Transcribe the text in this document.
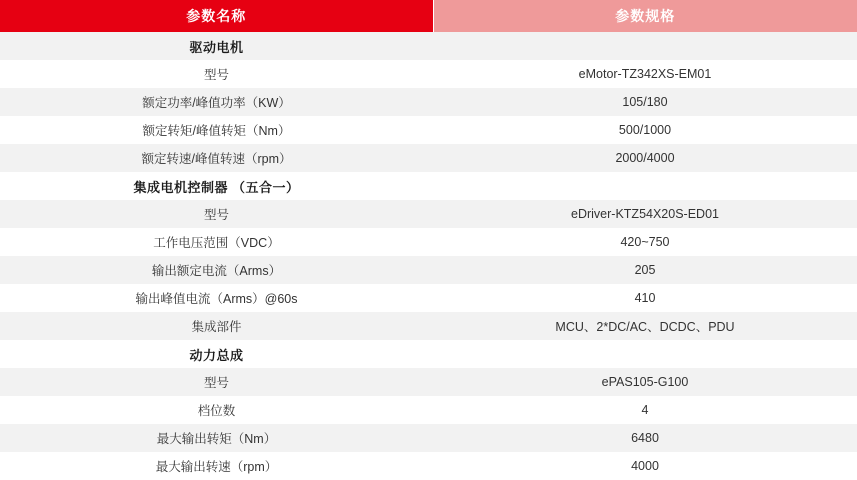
参数名称	参数规格
驱动电机	
型号	eMotor-TZ342XS-EM01
额定功率/峰值功率（KW）	105/180
额定转矩/峰值转矩（Nm）	500/1000
额定转速/峰值转速（rpm）	2000/4000
集成电机控制器 （五合一）	
型号	eDriver-KTZ54X20S-ED01
工作电压范围（VDC）	420~750
输出额定电流（Arms）	205
输出峰值电流（Arms）@60s	410
集成部件	MCU、2*DC/AC、DCDC、PDU
动力总成	
型号	ePAS105-G100
档位数	4
最大输出转矩（Nm）	6480
最大输出转速（rpm）	4000
